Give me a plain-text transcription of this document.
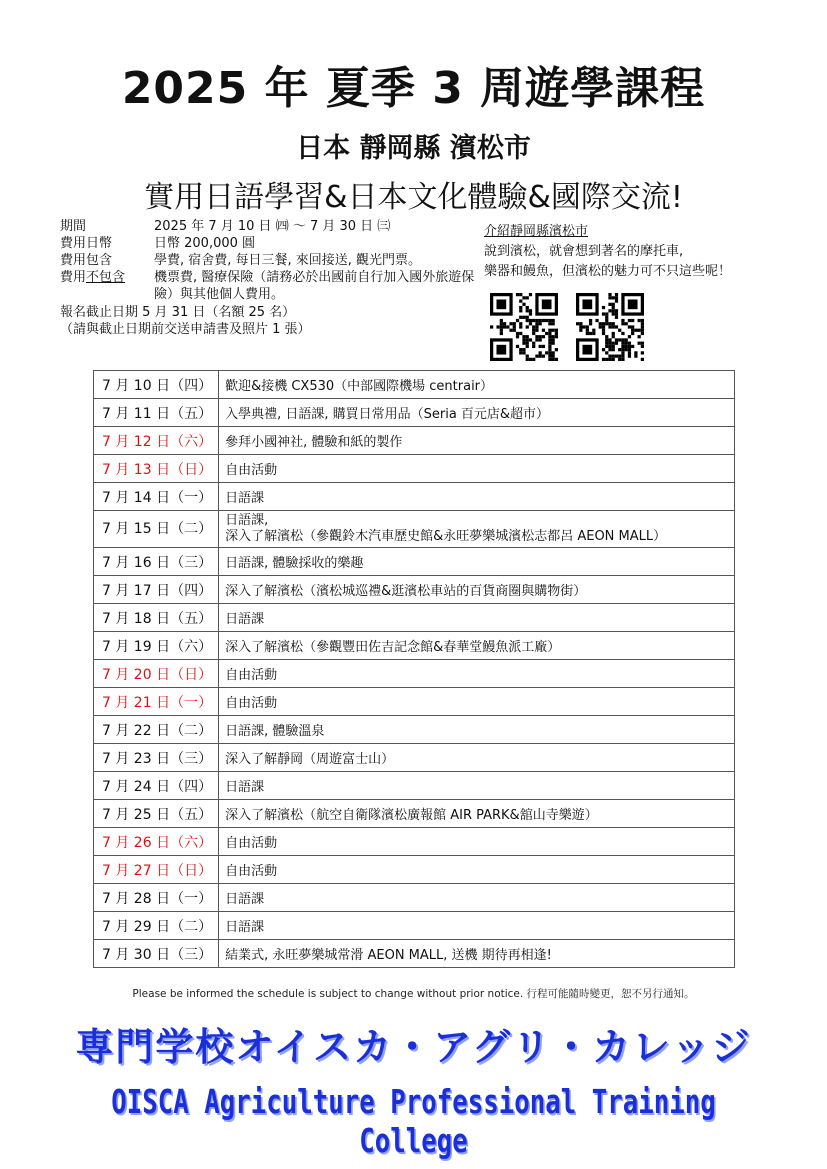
2025 年 夏季 3 周遊學課程
日本 靜岡縣 濱松市
實用日語學習&日本文化體驗&國際交流!
期間	2025 年 7 月 10 日 ㈣ ～ 7 月 30 日 ㈢
費用日幣	日幣 200,000 圓
費用包含	學費, 宿舍費, 每日三餐, 來回接送, 觀光門票。
費用不包含	機票費, 醫療保險（請務必於出國前自行加入國外旅遊保險）與其他個人費用。
報名截止日期 5 月 31 日（名額 25 名）
（請與截止日期前交送申請書及照片 1 張）
介紹靜岡縣濱松市
說到濱松，就會想到著名的摩托車,
樂器和鰻魚，但濱松的魅力可不只這些呢！
7 月 10 日（四）	歡迎&接機 CX530（中部國際機場 centrair）
7 月 11 日（五）	入學典禮, 日語課, 購買日常用品（Seria 百元店&超市）
7 月 12 日（六）	參拜小國神社, 體驗和紙的製作
7 月 13 日（日）	自由活動
7 月 14 日（一）	日語課
7 月 15 日（二）	日語課,
深入了解濱松（參觀鈴木汽車歷史館&永旺夢樂城濱松志都呂 AEON MALL）
7 月 16 日（三）	日語課, 體驗採收的樂趣
7 月 17 日（四）	深入了解濱松（濱松城巡禮&逛濱松車站的百貨商圈與購物街）
7 月 18 日（五）	日語課
7 月 19 日（六）	深入了解濱松（參觀豐田佐吉記念館&春華堂鰻魚派工廠）
7 月 20 日（日）	自由活動
7 月 21 日（一）	自由活動
7 月 22 日（二）	日語課, 體驗溫泉
7 月 23 日（三）	深入了解靜岡（周遊富士山）
7 月 24 日（四）	日語課
7 月 25 日（五）	深入了解濱松（航空自衛隊濱松廣報館 AIR PARK&舘山寺樂遊）
7 月 26 日（六）	自由活動
7 月 27 日（日）	自由活動
7 月 28 日（一）	日語課
7 月 29 日（二）	日語課
7 月 30 日（三）	結業式, 永旺夢樂城常滑 AEON MALL, 送機 期待再相逢!
Please be informed the schedule is subject to change without prior notice. 行程可能隨時變更，恕不另行通知。
専門学校オイスカ・アグリ・カレッジ
OISCA Agriculture Professional Training College
